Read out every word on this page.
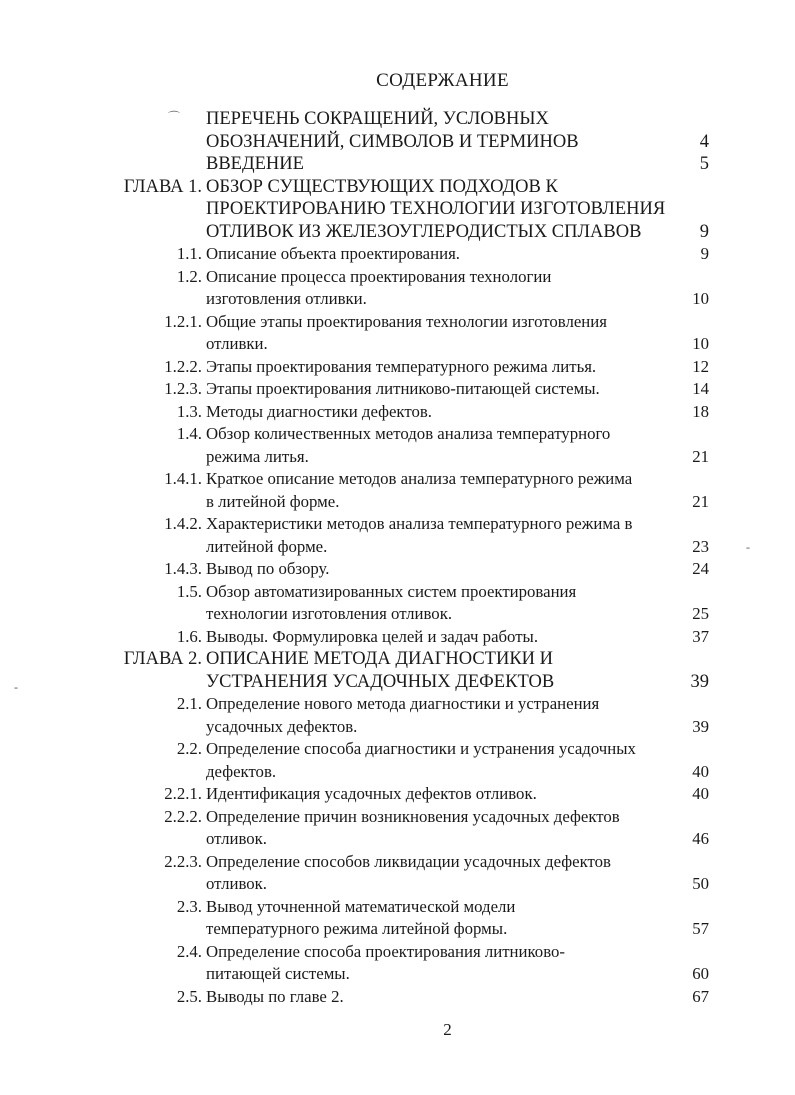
СОДЕРЖАНИЕ
ПЕРЕЧЕНЬ СОКРАЩЕНИЙ, УСЛОВНЫХ
ОБОЗНАЧЕНИЙ, СИМВОЛОВ И ТЕРМИНОВ	4
ВВЕДЕНИЕ	5
ГЛАВА 1. ОБЗОР СУЩЕСТВУЮЩИХ ПОДХОДОВ К
ПРОЕКТИРОВАНИЮ ТЕХНОЛОГИИ ИЗГОТОВЛЕНИЯ
ОТЛИВОК ИЗ ЖЕЛЕЗОУГЛЕРОДИСТЫХ СПЛАВОВ	9
1.1. Описание объекта проектирования.	9
1.2. Описание процесса проектирования технологии
изготовления отливки.	10
1.2.1. Общие этапы проектирования технологии изготовления
отливки.	10
1.2.2. Этапы проектирования температурного режима литья.	12
1.2.3. Этапы проектирования литниково-питающей системы.	14
1.3. Методы диагностики дефектов.	18
1.4. Обзор количественных методов анализа температурного
режима литья.	21
1.4.1. Краткое описание методов анализа температурного режима
в литейной форме.	21
1.4.2. Характеристики методов анализа температурного режима в
литейной форме.	23
1.4.3. Вывод по обзору.	24
1.5. Обзор автоматизированных систем проектирования
технологии изготовления отливок.	25
1.6. Выводы. Формулировка целей и задач работы.	37
ГЛАВА 2. ОПИСАНИЕ МЕТОДА ДИАГНОСТИКИ И
УСТРАНЕНИЯ УСАДОЧНЫХ ДЕФЕКТОВ	39
2.1. Определение нового метода диагностики и устранения
усадочных дефектов.	39
2.2. Определение способа диагностики и устранения усадочных
дефектов.	40
2.2.1. Идентификация усадочных дефектов отливок.	40
2.2.2. Определение причин возникновения усадочных дефектов
отливок.	46
2.2.3. Определение способов ликвидации усадочных дефектов
отливок.	50
2.3. Вывод уточненной математической модели
температурного режима литейной формы.	57
2.4. Определение способа проектирования литниково-
питающей системы.	60
2.5. Выводы по главе 2.	67
2
⌒
-
-
